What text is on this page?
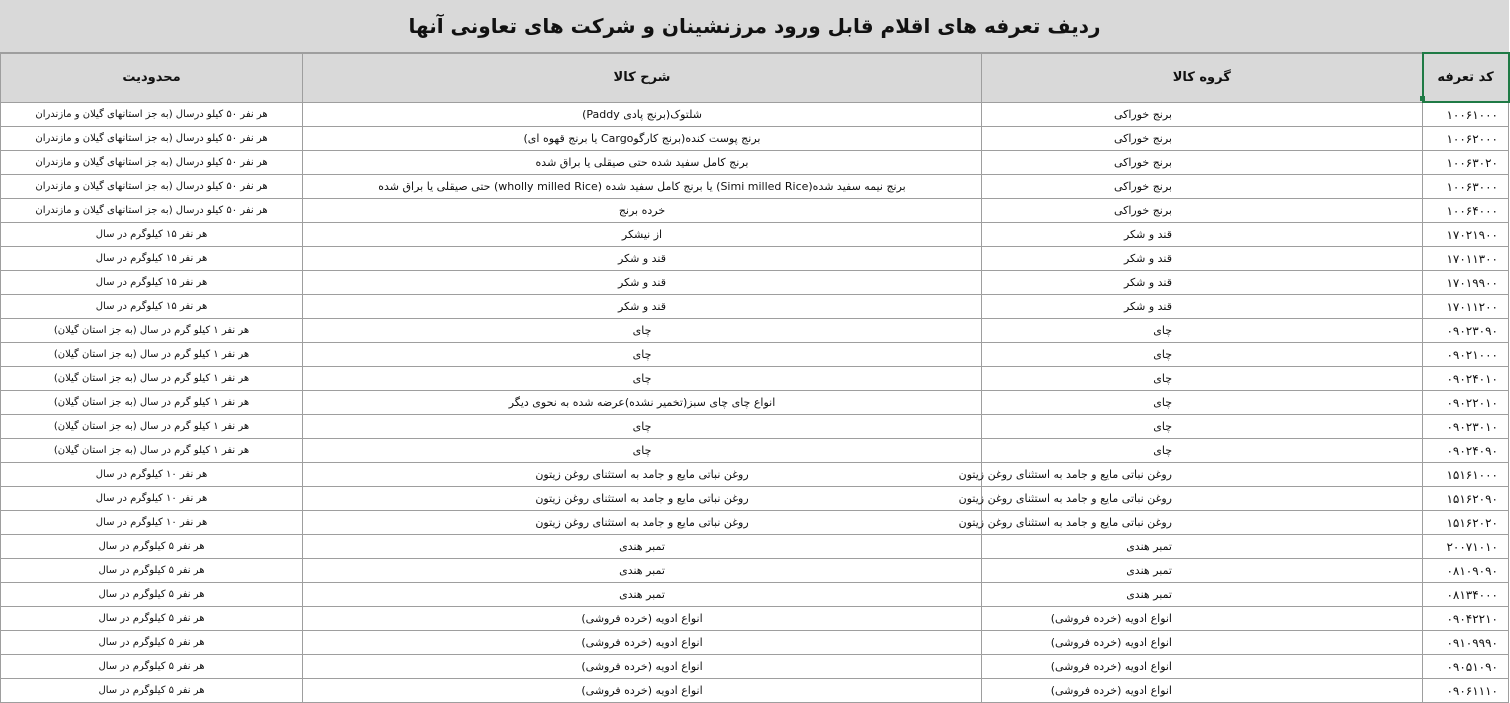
ردیف تعرفه های اقلام قابل ورود مرزنشینان و شرکت های تعاونی آنها
کد تعرفه	گروه کالا	شرح کالا	محدودیت
۱۰۰۶۱۰۰۰	برنج خوراکی	شلتوک(برنج پادی Paddy)	هر نفر ۵۰ کیلو درسال (به جز استانهای گیلان و مازندران
۱۰۰۶۲۰۰۰	برنج خوراکی	برنج پوست کنده(برنج کارگوCargo یا برنج قهوه ای)	هر نفر ۵۰ کیلو درسال (به جز استانهای گیلان و مازندران
۱۰۰۶۳۰۲۰	برنج خوراکی	برنج کامل سفید شده حتی صیقلی یا براق شده	هر نفر ۵۰ کیلو درسال (به جز استانهای گیلان و مازندران
۱۰۰۶۳۰۰۰	برنج خوراکی	برنج نیمه سفید شده(Simi milled Rice) یا برنج کامل سفید شده (wholly milled Rice) حتی صیقلی یا براق شده	هر نفر ۵۰ کیلو درسال (به جز استانهای گیلان و مازندران
۱۰۰۶۴۰۰۰	برنج خوراکی	خرده برنج	هر نفر ۵۰ کیلو درسال (به جز استانهای گیلان و مازندران
۱۷۰۲۱۹۰۰	قند و شکر	از نیشکر	هر نفر ۱۵ کیلوگرم در سال
۱۷۰۱۱۳۰۰	قند و شکر	قند و شکر	هر نفر ۱۵ کیلوگرم در سال
۱۷۰۱۹۹۰۰	قند و شکر	قند و شکر	هر نفر ۱۵ کیلوگرم در سال
۱۷۰۱۱۲۰۰	قند و شکر	قند و شکر	هر نفر ۱۵ کیلوگرم در سال
۰۹۰۲۳۰۹۰	چای	چای	هر نفر ۱ کیلو گرم در سال (به جز استان گیلان)
۰۹۰۲۱۰۰۰	چای	چای	هر نفر ۱ کیلو گرم در سال (به جز استان گیلان)
۰۹۰۲۴۰۱۰	چای	چای	هر نفر ۱ کیلو گرم در سال (به جز استان گیلان)
۰۹۰۲۲۰۱۰	چای	انواع چای چای سبز(تخمیر نشده)عرضه شده به نحوی دیگر	هر نفر ۱ کیلو گرم در سال (به جز استان گیلان)
۰۹۰۲۳۰۱۰	چای	چای	هر نفر ۱ کیلو گرم در سال (به جز استان گیلان)
۰۹۰۲۴۰۹۰	چای	چای	هر نفر ۱ کیلو گرم در سال (به جز استان گیلان)
۱۵۱۶۱۰۰۰	روغن نباتی مایع و جامد به استثنای روغن زیتون	روغن نباتی مایع و جامد به استثنای روغن زیتون	هر نفر ۱۰ کیلوگرم در سال
۱۵۱۶۲۰۹۰	روغن نباتی مایع و جامد به استثنای روغن زیتون	روغن نباتی مایع و جامد به استثنای روغن زیتون	هر نفر ۱۰ کیلوگرم در سال
۱۵۱۶۲۰۲۰	روغن نباتی مایع و جامد به استثنای روغن زیتون	روغن نباتی مایع و جامد به استثنای روغن زیتون	هر نفر ۱۰ کیلوگرم در سال
۲۰۰۷۱۰۱۰	تمبر هندی	تمبر هندی	هر نفر ۵ کیلوگرم در سال
۰۸۱۰۹۰۹۰	تمبر هندی	تمبر هندی	هر نفر ۵ کیلوگرم در سال
۰۸۱۳۴۰۰۰	تمبر هندی	تمبر هندی	هر نفر ۵ کیلوگرم در سال
۰۹۰۴۲۲۱۰	انواع ادویه (خرده فروشی)	انواع ادویه (خرده فروشی)	هر نفر ۵ کیلوگرم در سال
۰۹۱۰۹۹۹۰	انواع ادویه (خرده فروشی)	انواع ادویه (خرده فروشی)	هر نفر ۵ کیلوگرم در سال
۰۹۰۵۱۰۹۰	انواع ادویه (خرده فروشی)	انواع ادویه (خرده فروشی)	هر نفر ۵ کیلوگرم در سال
۰۹۰۶۱۱۱۰	انواع ادویه (خرده فروشی)	انواع ادویه (خرده فروشی)	هر نفر ۵ کیلوگرم در سال
